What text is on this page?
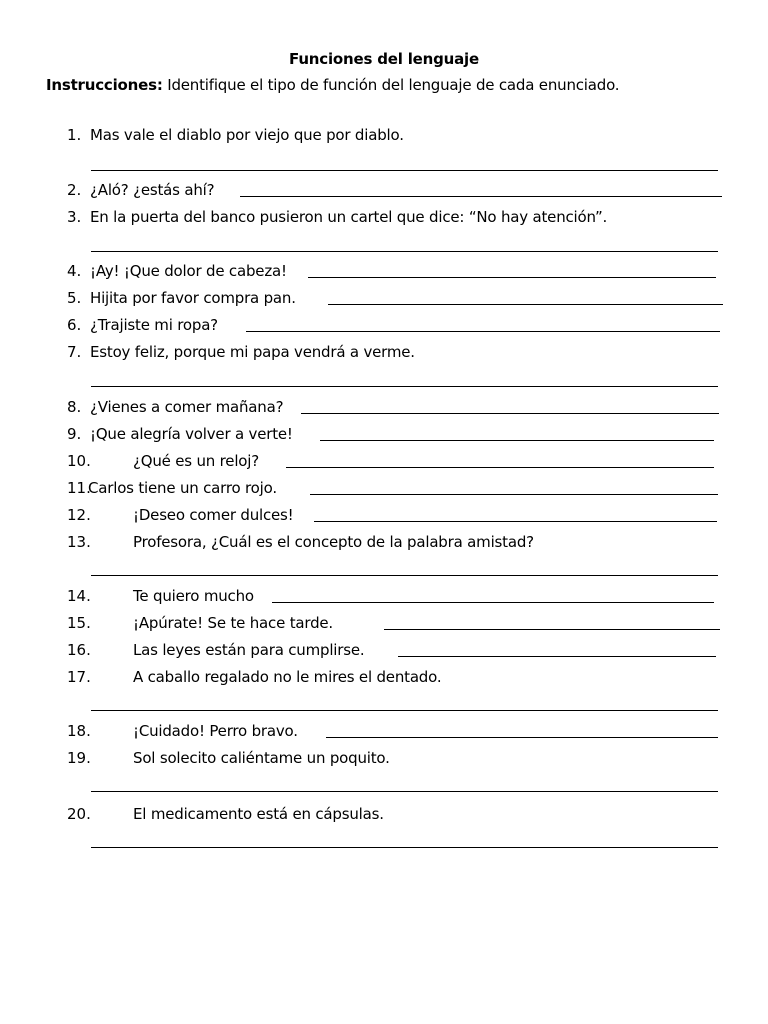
Funciones del lenguaje
Instrucciones: Identifique el tipo de función del lenguaje de cada enunciado.
1. Mas vale el diablo por viejo que por diablo.
2. ¿Aló? ¿estás ahí?
3. En la puerta del banco pusieron un cartel que dice: “No hay atención”.
4. ¡Ay! ¡Que dolor de cabeza!
5. Hijita por favor compra pan.
6. ¿Trajiste mi ropa?
7. Estoy feliz, porque mi papa vendrá a verme.
8. ¿Vienes a comer mañana?
9. ¡Que alegría volver a verte!
10.	¿Qué es un reloj?
11.
Carlos tiene un carro rojo.
12.	¡Deseo comer dulces!
13.	Profesora, ¿Cuál es el concepto de la palabra amistad?
14.	Te quiero mucho
15.	¡Apúrate! Se te hace tarde.
16.	Las leyes están para cumplirse.
17.	A caballo regalado no le mires el dentado.
18.	¡Cuidado! Perro bravo.
19.	Sol solecito caliéntame un poquito.
20.	El medicamento está en cápsulas.
